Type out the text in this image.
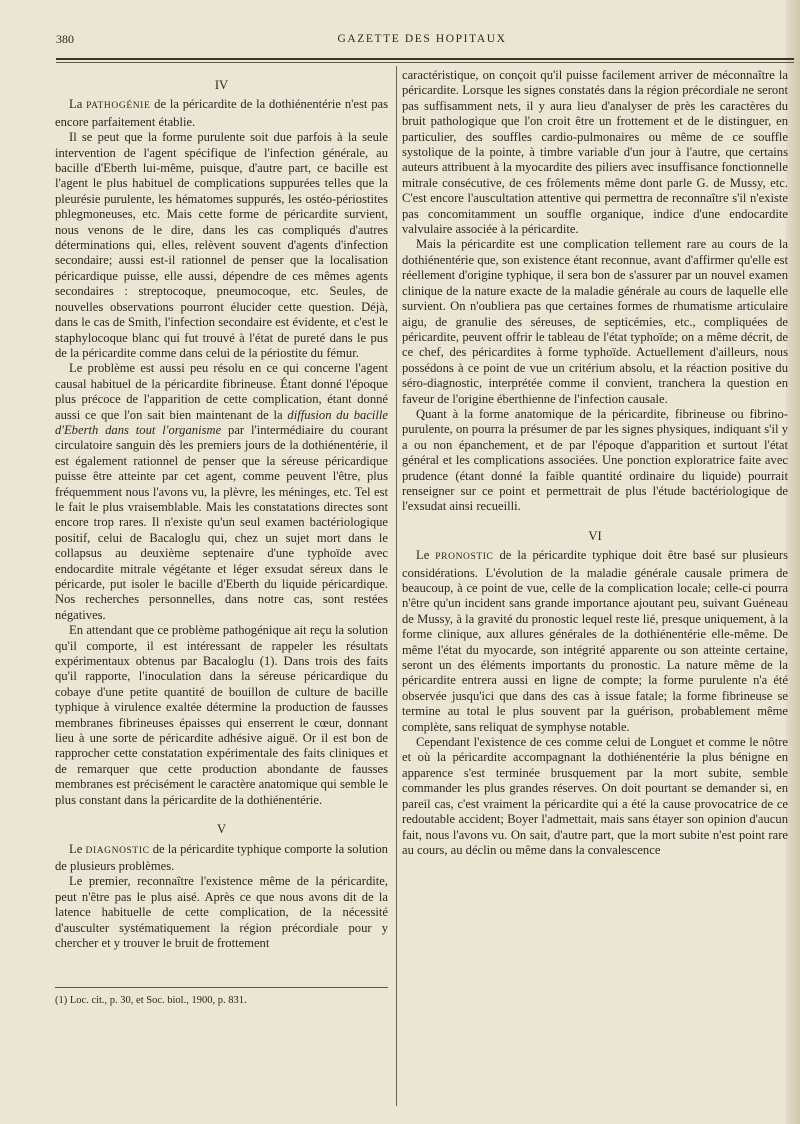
380	GAZETTE DES HOPITAUX
IV

La PATHOGÉNIE de la péricardite de la dothiénentérie n'est pas encore parfaitement établie.

Il se peut que la forme purulente soit due parfois à la seule intervention de l'agent spécifique de l'infection générale, au bacille d'Eberth lui-même, puisque, d'autre part, ce bacille est l'agent le plus habituel de complications suppurées telles que la pleurésie purulente, les hématomes suppurés, les ostéo-périostites phlegmoneuses, etc. Mais cette forme de péricardite survient, nous venons de le dire, dans les cas compliqués d'autres déterminations qui, elles, relèvent souvent d'agents d'infection secondaire; aussi est-il rationnel de penser que la localisation péricardique puisse, elle aussi, dépendre de ces mêmes agents secondaires : streptocoque, pneumocoque, etc. Seules, de nouvelles observations pourront élucider cette question. Déjà, dans le cas de Smith, l'infection secondaire est évidente, et c'est le staphylocoque blanc qui fut trouvé à l'état de pureté dans le pus de la péricardite comme dans celui de la périostite du fémur.

Le problème est aussi peu résolu en ce qui concerne l'agent causal habituel de la péricardite fibrineuse. Étant donné l'époque plus précoce de l'apparition de cette complication, étant donné aussi ce que l'on sait bien maintenant de la diffusion du bacille d'Eberth dans tout l'organisme par l'intermédiaire du courant circulatoire sanguin dès les premiers jours de la dothiénentérie, il est également rationnel de penser que la séreuse péricardique puisse être atteinte par cet agent, comme peuvent l'être, plus fréquemment nous l'avons vu, la plèvre, les méninges, etc. Tel est le fait le plus vraisemblable. Mais les constatations directes sont encore trop rares. Il n'existe qu'un seul examen bactériologique positif, celui de Bacaloglu qui, chez un sujet mort dans le collapsus au deuxième septenaire d'une typhoïde avec endocardite mitrale végétante et léger exsudat séreux dans le péricarde, put isoler le bacille d'Eberth du liquide péricardique. Nos recherches personnelles, dans notre cas, sont restées négatives.

En attendant que ce problème pathogénique ait reçu la solution qu'il comporte, il est intéressant de rappeler les résultats expérimentaux obtenus par Bacaloglu (1). Dans trois des faits qu'il rapporte, l'inoculation dans la séreuse péricardique du cobaye d'une petite quantité de bouillon de culture de bacille typhique à virulence exaltée détermine la production de fausses membranes fibrineuses épaisses qui enserrent le cœur, donnant lieu à une sorte de péricardite adhésive aiguë. Or il est bon de rapprocher cette constatation expérimentale des faits cliniques et de remarquer que cette production abondante de fausses membranes est précisément le caractère anatomique qui semble le plus constant dans la péricardite de la dothiénentérie.

V

Le DIAGNOSTIC de la péricardite typhique comporte la solution de plusieurs problèmes.

Le premier, reconnaître l'existence même de la péricardite, peut n'être pas le plus aisé. Après ce que nous avons dit de la latence habituelle de cette complication, de la nécessité d'ausculter systématiquement la région précordiale pour y chercher et y trouver le bruit de frottement

(1) Loc. cit., p. 30, et Soc. biol., 1900, p. 831.

caractéristique, on conçoit qu'il puisse facilement arriver de méconnaître la péricardite. Lorsque les signes constatés dans la région précordiale ne seront pas suffisamment nets, il y aura lieu d'analyser de près les caractères du bruit pathologique que l'on croit être un frottement et de le distinguer, en particulier, des souffles cardio-pulmonaires ou même de ce souffle systolique de la pointe, à timbre variable d'un jour à l'autre, que certains auteurs attribuent à la myocardite des piliers avec insuffisance fonctionnelle mitrale consécutive, de ces frôlements même dont parle G. de Mussy, etc. C'est encore l'auscultation attentive qui permettra de reconnaître s'il n'existe pas concomitamment un souffle organique, indice d'une endocardite valvulaire associée à la péricardite.

Mais la péricardite est une complication tellement rare au cours de la dothiénentérie que, son existence étant reconnue, avant d'affirmer qu'elle est réellement d'origine typhique, il sera bon de s'assurer par un nouvel examen clinique de la nature exacte de la maladie générale au cours de laquelle elle survient. On n'oubliera pas que certaines formes de rhumatisme articulaire aigu, de granulie des séreuses, de septicémies, etc., compliquées de péricardite, peuvent offrir le tableau de l'état typhoïde; on a même décrit, de ce chef, des péricardites à forme typhoïde. Actuellement d'ailleurs, nous possédons à ce point de vue un critérium absolu, et la réaction positive du séro-diagnostic, interprétée comme il convient, tranchera la question en faveur de l'origine éberthienne de l'infection causale.

Quant à la forme anatomique de la péricardite, fibrineuse ou fibrino-purulente, on pourra la présumer de par les signes physiques, indiquant s'il y a ou non épanchement, et de par l'époque d'apparition et surtout l'état général et les complications associées. Une ponction exploratrice faite avec prudence (étant donné la faible quantité ordinaire du liquide) pourrait renseigner sur ce point et permettrait de plus l'étude bactériologique de l'exsudat ainsi recueilli.

VI

Le PRONOSTIC de la péricardite typhique doit être basé sur plusieurs considérations. L'évolution de la maladie générale causale primera de beaucoup, à ce point de vue, celle de la complication locale; celle-ci pourra n'être qu'un incident sans grande importance ajoutant peu, suivant Guéneau de Mussy, à la gravité du pronostic lequel reste lié, presque uniquement, à la forme clinique, aux allures générales de la dothiénentérie elle-même. De même l'état du myocarde, son intégrité apparente ou son atteinte certaine, seront un des éléments importants du pronostic. La nature même de la péricardite entrera aussi en ligne de compte; la forme purulente n'a été observée jusqu'ici que dans des cas à issue fatale; la forme fibrineuse se termine au total le plus souvent par la guérison, probablement même complète, sans reliquat de symphyse notable.

Cependant l'existence de ces comme celui de Longuet et comme le nôtre et où la péricardite accompagnant la dothiénentérie la plus bénigne en apparence s'est terminée brusquement par la mort subite, semble commander les plus grandes réserves. On doit pourtant se demander si, en pareil cas, c'est vraiment la péricardite qui a été la cause provocatrice de ce redoutable accident; Boyer l'admettait, mais sans étayer son opinion d'aucun fait, nous l'avons vu. On sait, d'autre part, que la mort subite n'est point rare au cours, au déclin ou même dans la convalescence
